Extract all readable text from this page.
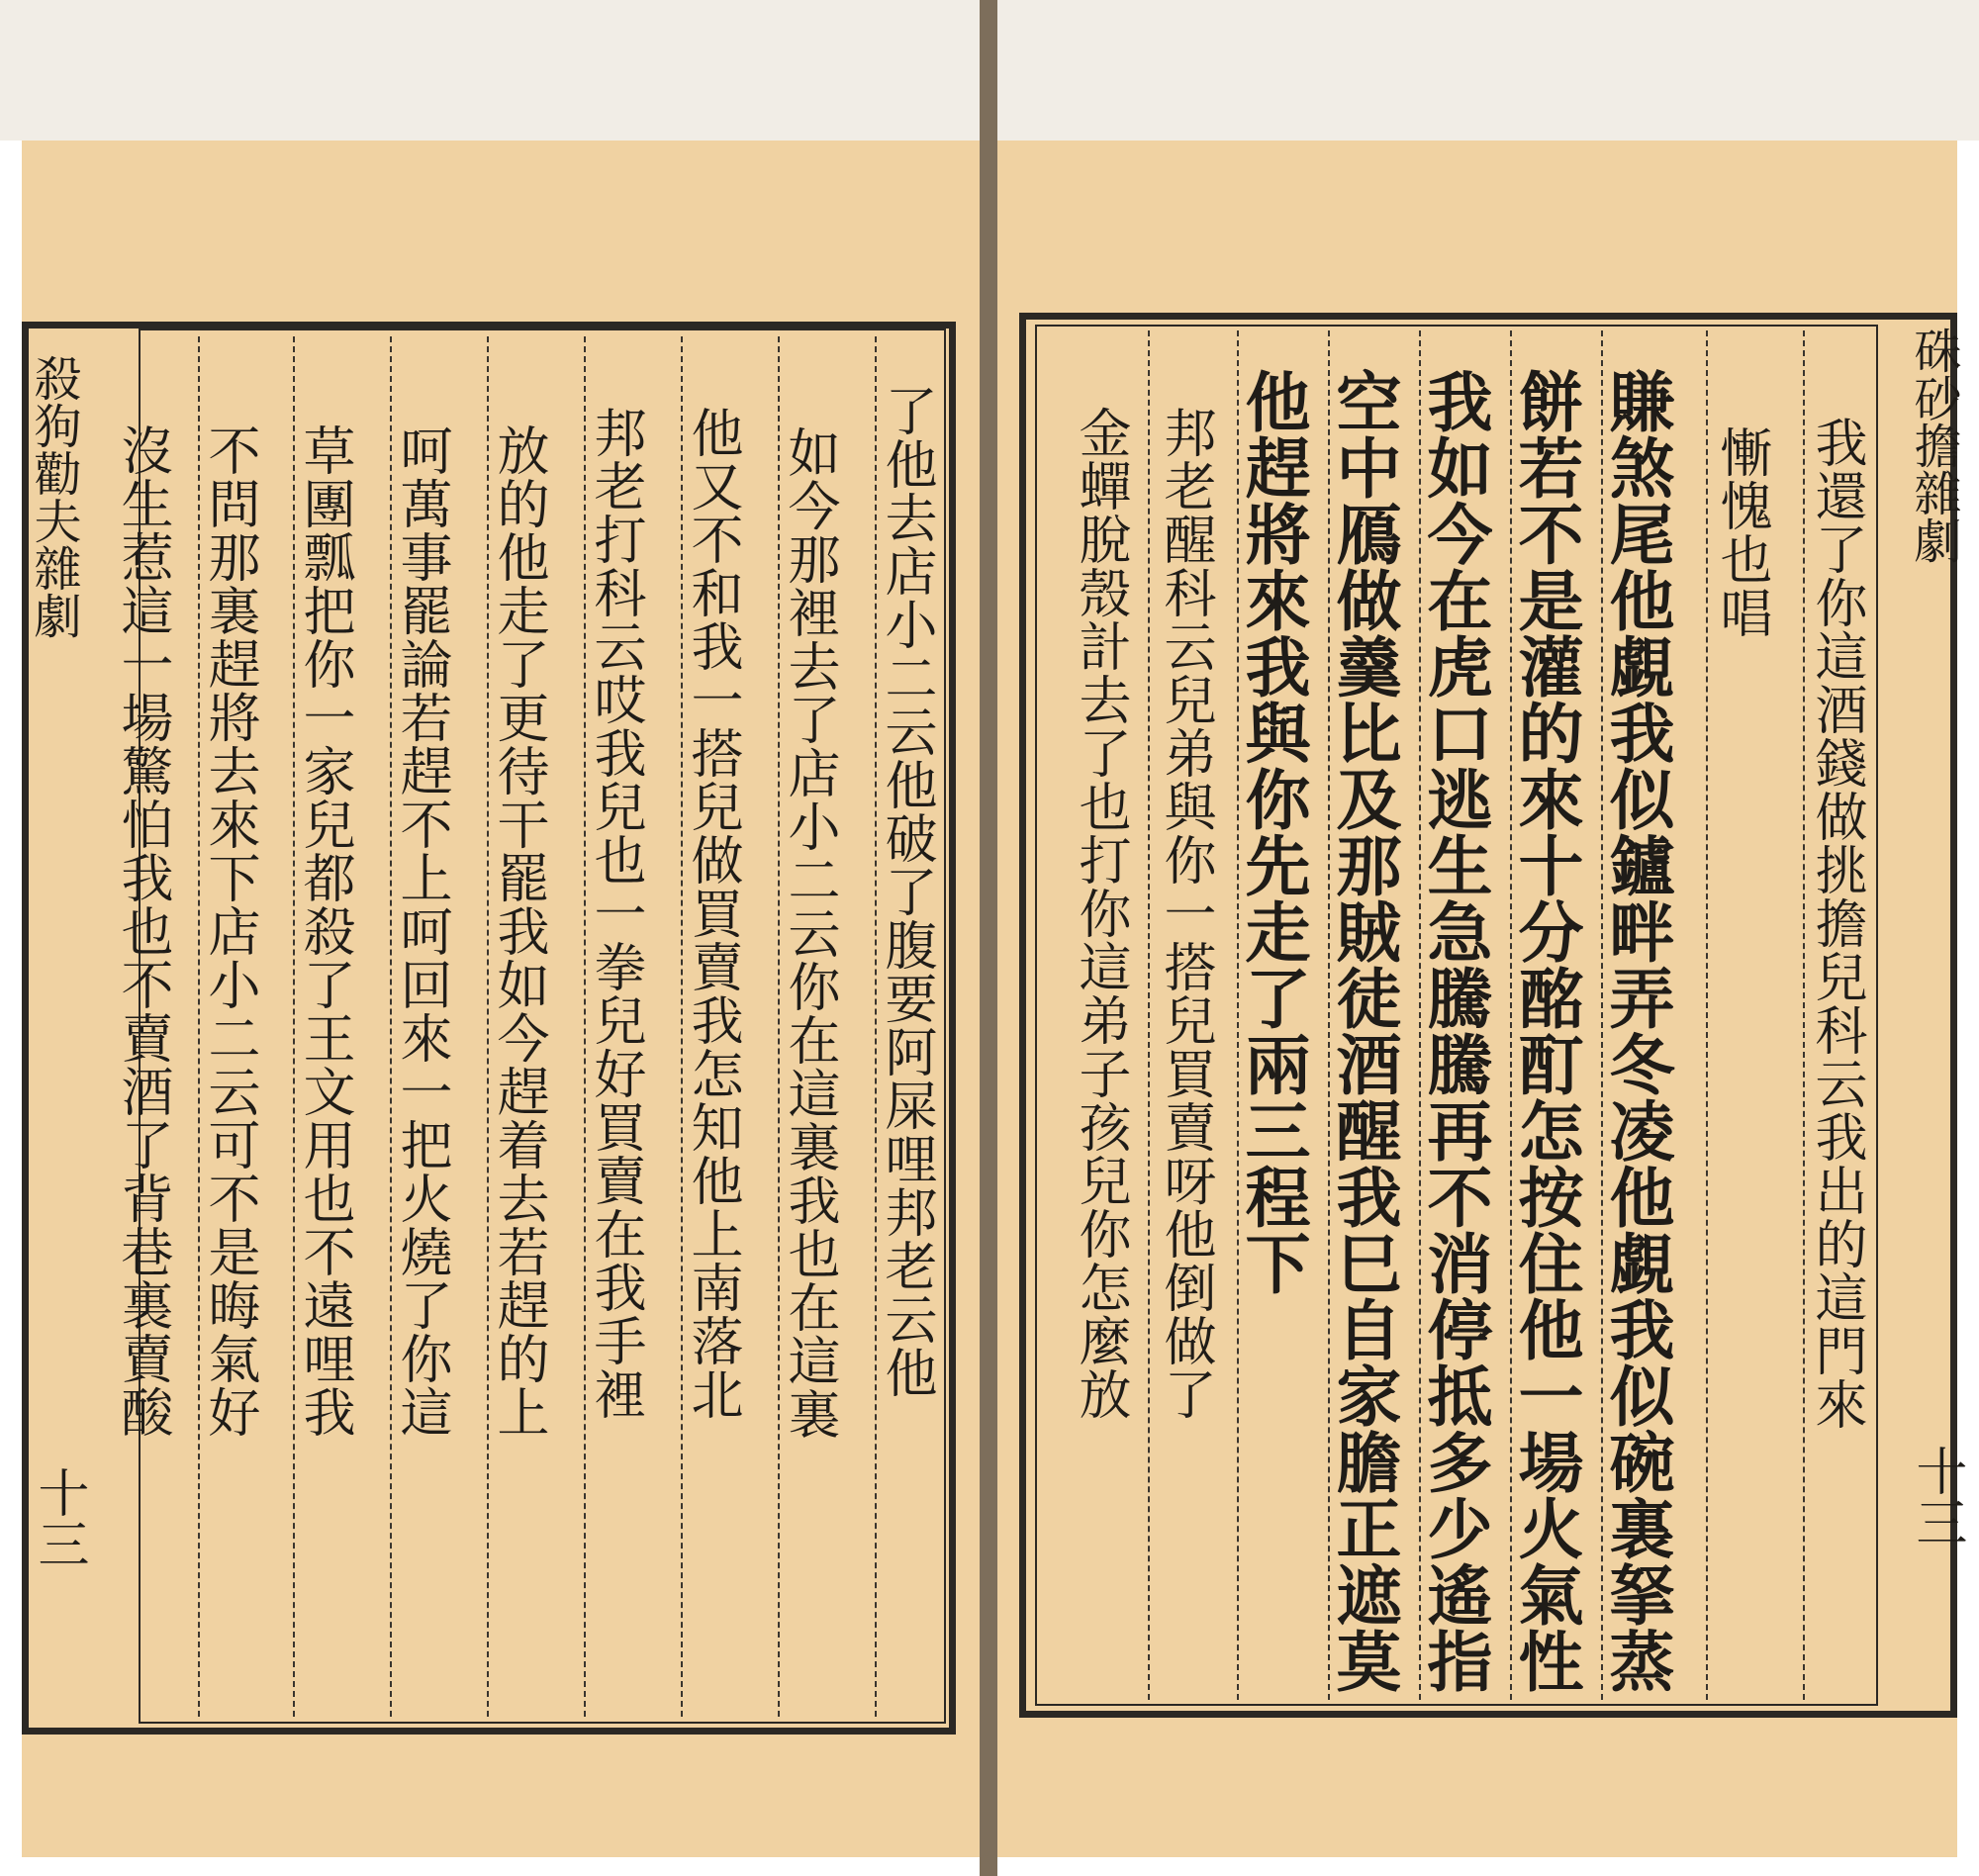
殺狗勸夫雜劇
十三
了他去店小二云他破了腹要阿屎哩邦老云他
如今那裡去了店小二云你在這裏我也在這裏
他又不和我一搭兒做買賣我怎知他上南落北
邦老打科云哎我兒也一拳兒好買賣在我手裡
放的他走了更待干罷我如今趕着去若趕的上
呵萬事罷論若趕不上呵回來一把火燒了你這
草團瓢把你一家兒都殺了王文用也不遠哩我
不問那裏趕將去來下店小二云可不是晦氣好
沒生惹這一場驚怕我也不賣酒了背巷裏賣酸	硃砂擔雜劇
十三
我還了你這酒錢做挑擔兒科云我出的這門來
慚愧也唱
賺煞尾他覷我似鑪畔弄冬凌他覷我似碗裏拏蒸
餅若不是灌的來十分酩酊怎按住他一場火氣性
我如今在虎口逃生急騰騰再不消停抵多少遙指
空中鴈做羹比及那賊徒酒醒我巳自家膽正遮莫
他趕將來我與你先走了兩三程下
邦老醒科云兒弟與你一搭兒買賣呀他倒做了
金蟬脫殼計去了也打你這弟子孩兒你怎麼放
